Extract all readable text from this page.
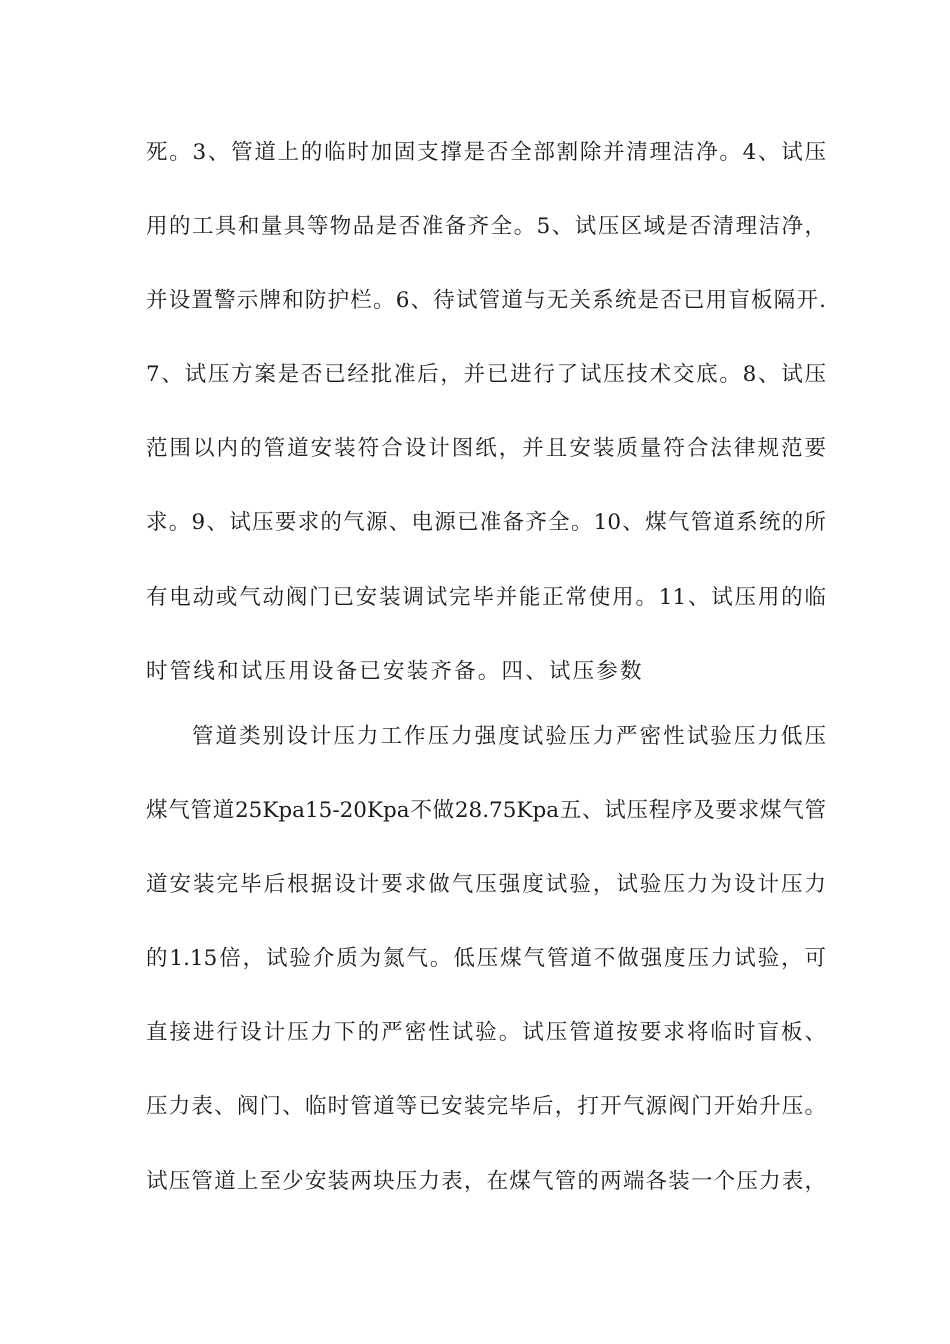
死。3、管道上的临时加固支撑是否全部割除并清理洁净。4、试压
用的工具和量具等物品是否准备齐全。5、试压区域是否清理洁净，
并设置警示牌和防护栏。6、待试管道与无关系统是否已用盲板隔开.
7、试压方案是否已经批准后，并已进行了试压技术交底。8、试压
范围以内的管道安装符合设计图纸，并且安装质量符合法律规范要
求。9、试压要求的气源、电源已准备齐全。10、煤气管道系统的所
有电动或气动阀门已安装调试完毕并能正常使用。11、试压用的临
时管线和试压用设备已安装齐备。四、试压参数
管道类别设计压力工作压力强度试验压力严密性试验压力低压
煤气管道25Kpa15-20Kpa不做28.75Kpa五、试压程序及要求煤气管
道安装完毕后根据设计要求做气压强度试验，试验压力为设计压力
的1.15倍，试验介质为氮气。低压煤气管道不做强度压力试验，可
直接进行设计压力下的严密性试验。试压管道按要求将临时盲板、
压力表、阀门、临时管道等已安装完毕后，打开气源阀门开始升压。
试压管道上至少安装两块压力表，在煤气管的两端各装一个压力表，
